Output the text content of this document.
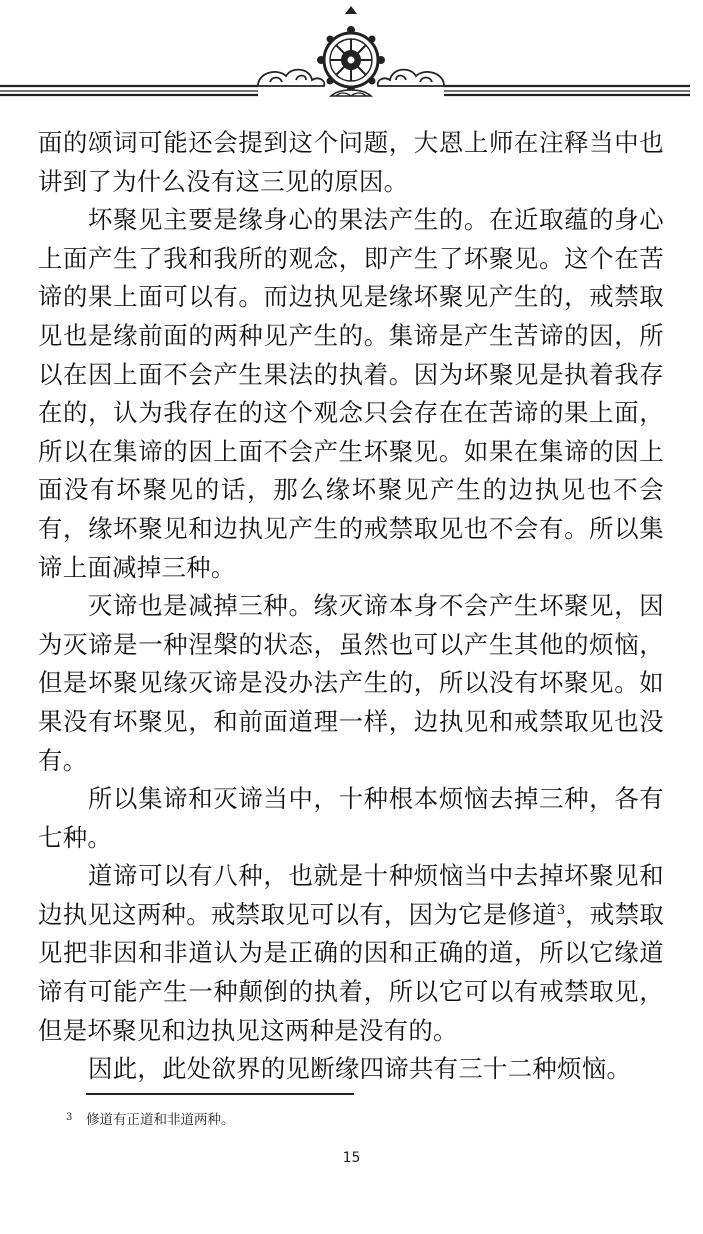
面的颂词可能还会提到这个问题，大恩上师在注释当中也讲到了为什么没有这三见的原因。

坏聚见主要是缘身心的果法产生的。在近取蕴的身心上面产生了我和我所的观念，即产生了坏聚见。这个在苦谛的果上面可以有。而边执见是缘坏聚见产生的，戒禁取见也是缘前面的两种见产生的。集谛是产生苦谛的因，所以在因上面不会产生果法的执着。因为坏聚见是执着我存在的，认为我存在的这个观念只会存在在苦谛的果上面，所以在集谛的因上面不会产生坏聚见。如果在集谛的因上面没有坏聚见的话，那么缘坏聚见产生的边执见也不会有，缘坏聚见和边执见产生的戒禁取见也不会有。所以集谛上面减掉三种。

灭谛也是减掉三种。缘灭谛本身不会产生坏聚见，因为灭谛是一种涅槃的状态，虽然也可以产生其他的烦恼，但是坏聚见缘灭谛是没办法产生的，所以没有坏聚见。如果没有坏聚见，和前面道理一样，边执见和戒禁取见也没有。

所以集谛和灭谛当中，十种根本烦恼去掉三种，各有七种。

道谛可以有八种，也就是十种烦恼当中去掉坏聚见和边执见这两种。戒禁取见可以有，因为它是修道$^3$，戒禁取见把非因和非道认为是正确的因和正确的道，所以它缘道谛有可能产生一种颠倒的执着，所以它可以有戒禁取见，但是坏聚见和边执见这两种是没有的。

因此，此处欲界的见断缘四谛共有三十二种烦恼。

3 修道有正道和非道两种。
15
